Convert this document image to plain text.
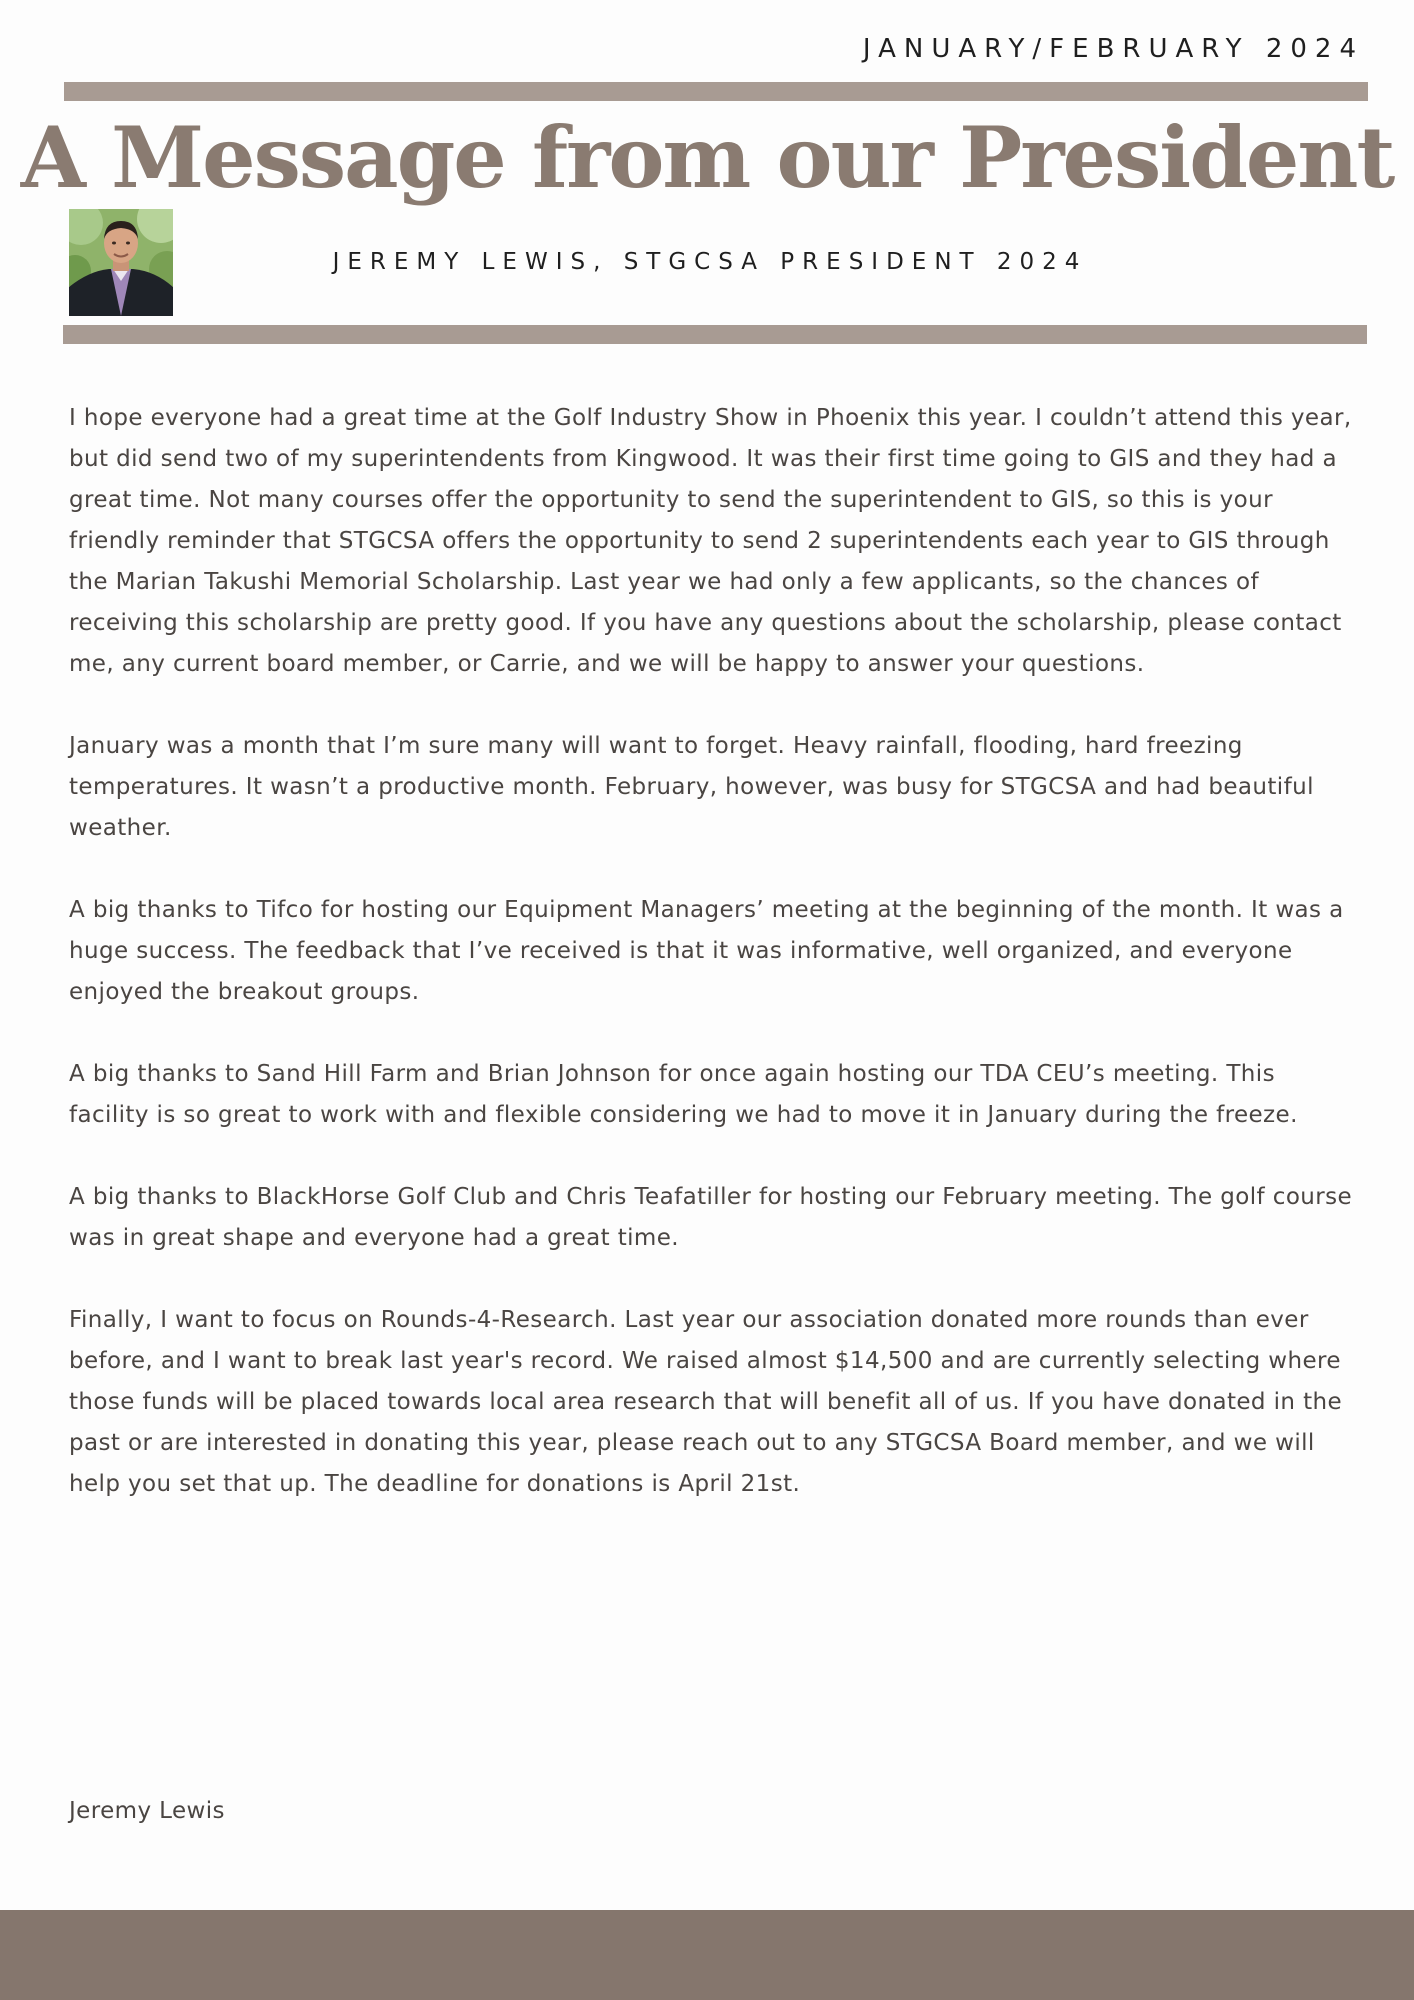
JANUARY/FEBRUARY 2024
A Message from our President
JEREMY LEWIS, STGCSA PRESIDENT 2024

I hope everyone had a great time at the Golf Industry Show in Phoenix this year. I couldn’t attend this year, but did send two of my superintendents from Kingwood. It was their first time going to GIS and they had a great time. Not many courses offer the opportunity to send the superintendent to GIS, so this is your friendly reminder that STGCSA offers the opportunity to send 2 superintendents each year to GIS through the Marian Takushi Memorial Scholarship. Last year we had only a few applicants, so the chances of receiving this scholarship are pretty good. If you have any questions about the scholarship, please contact me, any current board member, or Carrie, and we will be happy to answer your questions.

January was a month that I’m sure many will want to forget. Heavy rainfall, flooding, hard freezing temperatures. It wasn’t a productive month. February, however, was busy for STGCSA and had beautiful weather.

A big thanks to Tifco for hosting our Equipment Managers’ meeting at the beginning of the month. It was a huge success. The feedback that I’ve received is that it was informative, well organized, and everyone enjoyed the breakout groups.

A big thanks to Sand Hill Farm and Brian Johnson for once again hosting our TDA CEU’s meeting. This facility is so great to work with and flexible considering we had to move it in January during the freeze.

A big thanks to BlackHorse Golf Club and Chris Teafatiller for hosting our February meeting. The golf course was in great shape and everyone had a great time.

Finally, I want to focus on Rounds-4-Research. Last year our association donated more rounds than ever before, and I want to break last year's record. We raised almost $14,500 and are currently selecting where those funds will be placed towards local area research that will benefit all of us. If you have donated in the past or are interested in donating this year, please reach out to any STGCSA Board member, and we will help you set that up. The deadline for donations is April 21st.

Jeremy Lewis
